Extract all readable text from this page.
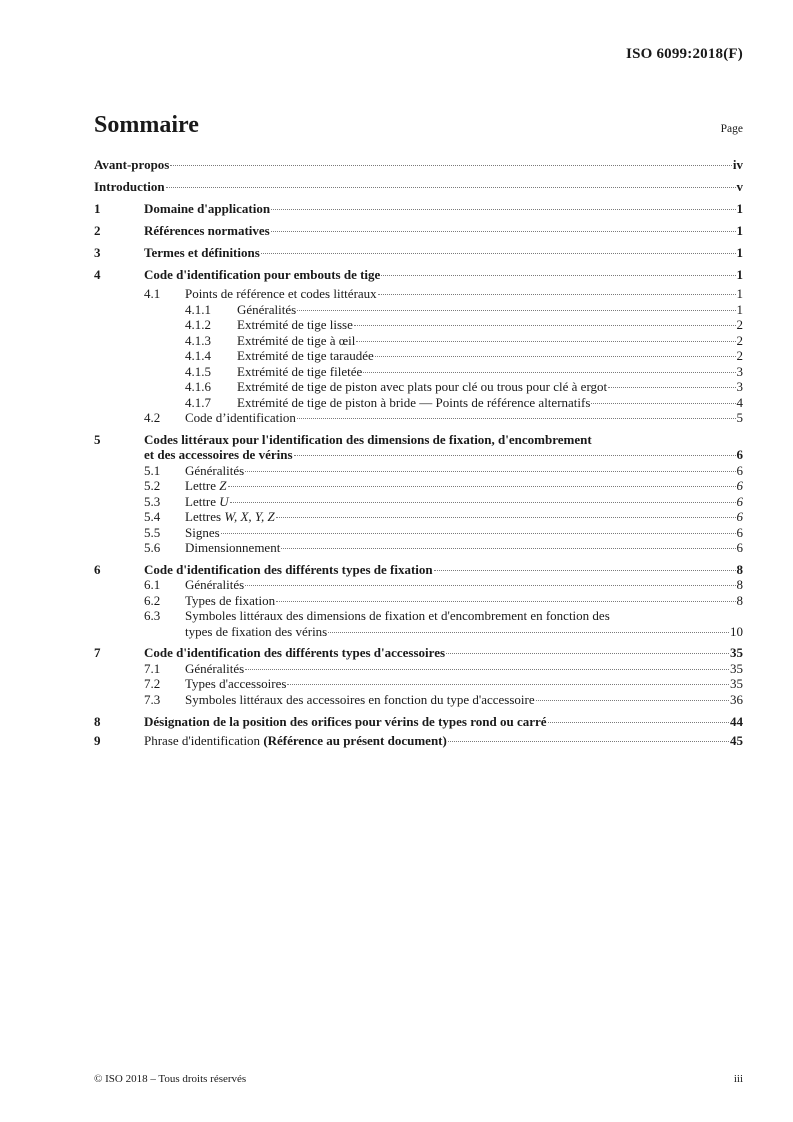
ISO 6099:2018(F)
Sommaire	Page
Avant-propos	iv
Introduction	v
1	Domaine d'application	1
2	Références normatives	1
3	Termes et définitions	1
4	Code d'identification pour embouts de tige	1
4.1	Points de référence et codes littéraux	1
4.1.1	Généralités	1
4.1.2	Extrémité de tige lisse	2
4.1.3	Extrémité de tige à œil	2
4.1.4	Extrémité de tige taraudée	2
4.1.5	Extrémité de tige filetée	3
4.1.6	Extrémité de tige de piston avec plats pour clé ou trous pour clé à ergot	3
4.1.7	Extrémité de tige de piston à bride — Points de référence alternatifs	4
4.2	Code d’identification	5
5	Codes littéraux pour l'identification des dimensions de fixation, d'encombrement
et des accessoires de vérins	6
5.1	Généralités	6
5.2	Lettre Z	6
5.3	Lettre U	6
5.4	Lettres W, X, Y, Z	6
5.5	Signes	6
5.6	Dimensionnement	6
6	Code d'identification des différents types de fixation	8
6.1	Généralités	8
6.2	Types de fixation	8
6.3	Symboles littéraux des dimensions de fixation et d'encombrement en fonction des
types de fixation des vérins	10
7	Code d'identification des différents types d'accessoires	35
7.1	Généralités	35
7.2	Types d'accessoires	35
7.3	Symboles littéraux des accessoires en fonction du type d'accessoire	36
8	Désignation de la position des orifices pour vérins de types rond ou carré	44
9	Phrase d'identification (Référence au présent document)	45
© ISO 2018 – Tous droits réservés	iii
